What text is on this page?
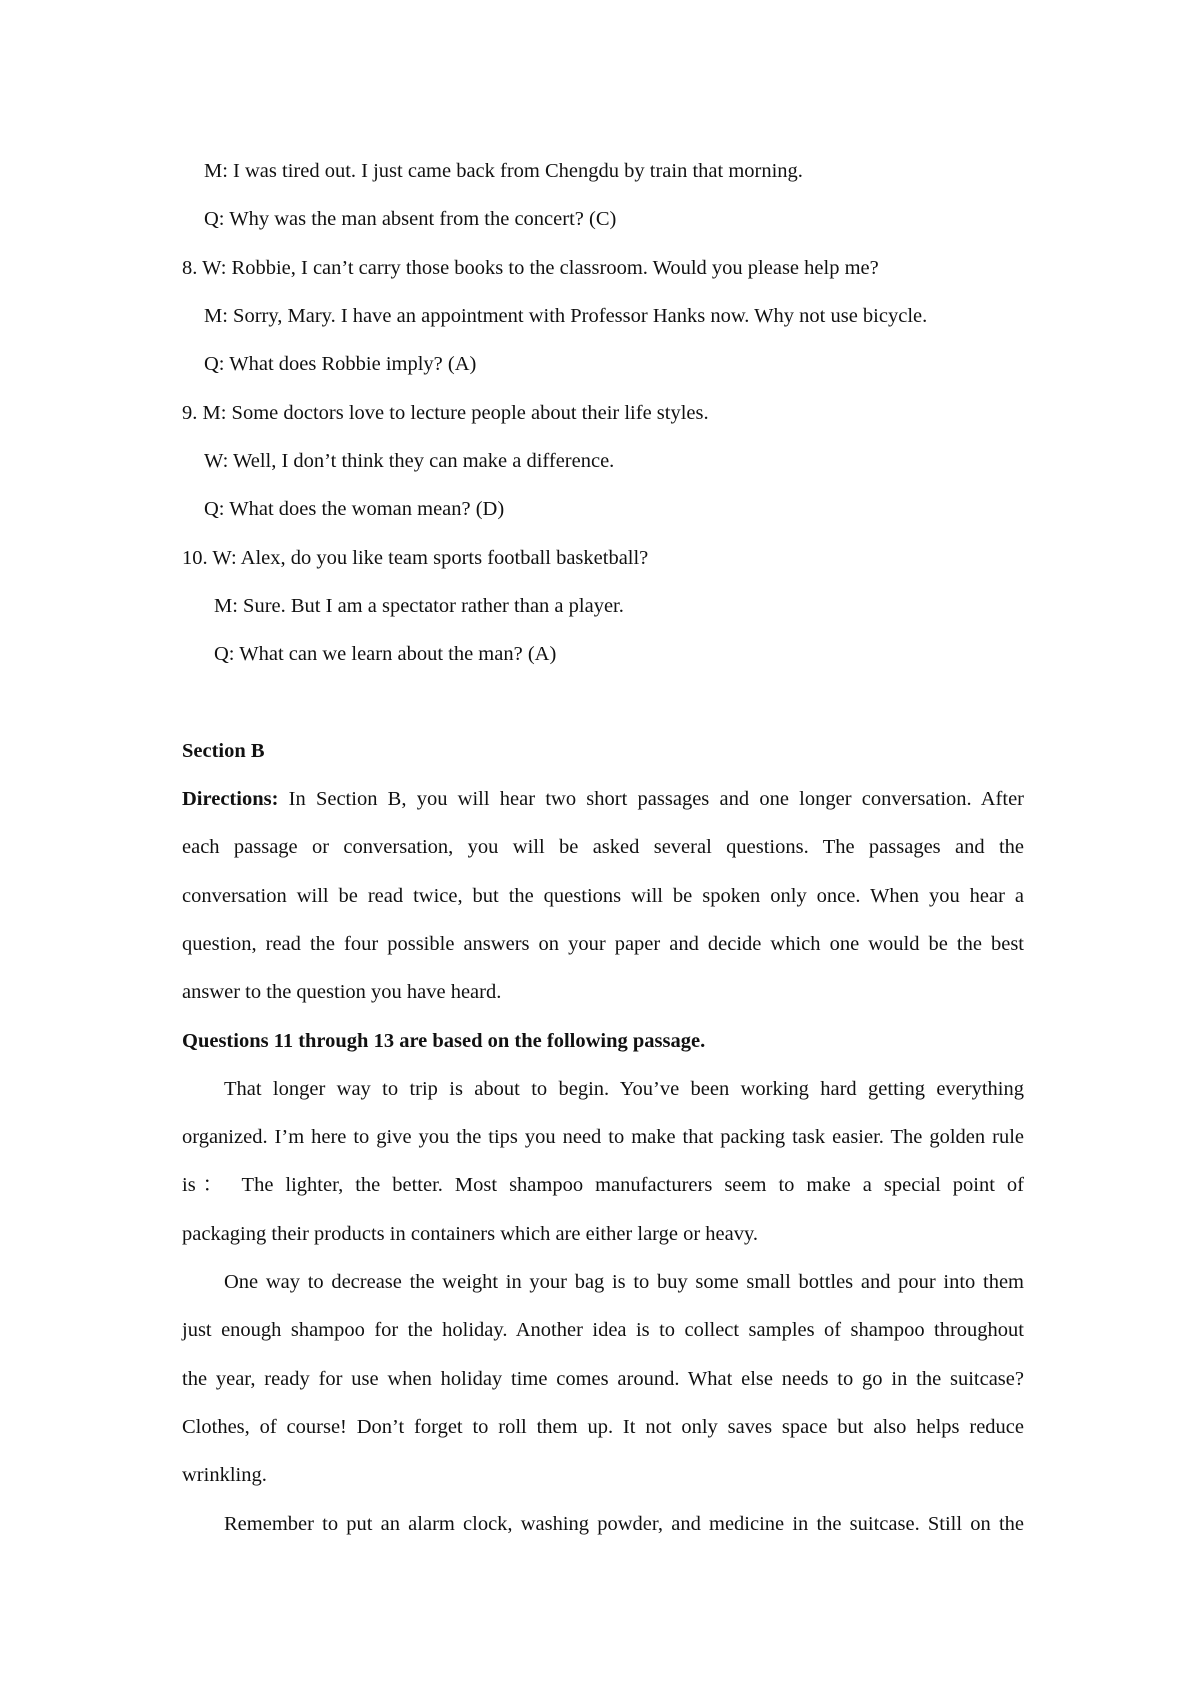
M: I was tired out. I just came back from Chengdu by train that morning.
Q: Why was the man absent from the concert? (C)
8. W: Robbie, I can’t carry those books to the classroom. Would you please help me?
M: Sorry, Mary. I have an appointment with Professor Hanks now. Why not use bicycle.
Q: What does Robbie imply? (A)
9. M: Some doctors love to lecture people about their life styles.
W: Well, I don’t think they can make a difference.
Q: What does the woman mean? (D)
10. W: Alex, do you like team sports football basketball?
M: Sure. But I am a spectator rather than a player.
Q: What can we learn about the man? (A)
Section B
Directions: In Section B, you will hear two short passages and one longer conversation. After
each passage or conversation, you will be asked several questions. The passages and the
conversation will be read twice, but the questions will be spoken only once. When you hear a
question, read the four possible answers on your paper and decide which one would be the best
answer to the question you have heard.
Questions 11 through 13 are based on the following passage.
That longer way to trip is about to begin. You’ve been working hard getting everything
organized. I’m here to give you the tips you need to make that packing task easier. The golden rule
is： The lighter, the better. Most shampoo manufacturers seem to make a special point of
packaging their products in containers which are either large or heavy.
One way to decrease the weight in your bag is to buy some small bottles and pour into them
just enough shampoo for the holiday. Another idea is to collect samples of shampoo throughout
the year, ready for use when holiday time comes around. What else needs to go in the suitcase?
Clothes, of course! Don’t forget to roll them up. It not only saves space but also helps reduce
wrinkling.
Remember to put an alarm clock, washing powder, and medicine in the suitcase. Still on the
